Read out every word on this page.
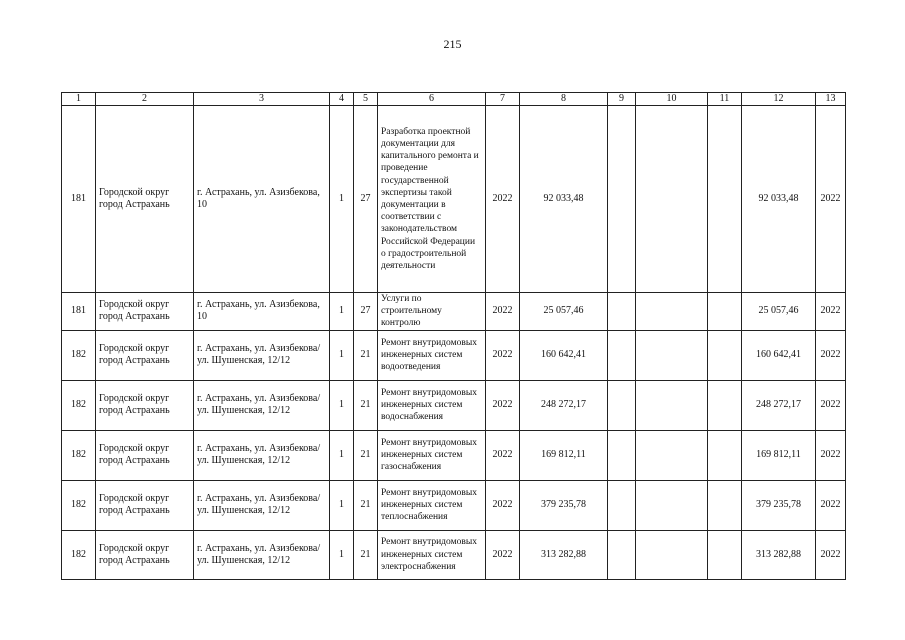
215
1	2	3	4	5	6	7	8	9	10	11	12	13
181	Городской округ город Астрахань	г. Астрахань, ул. Азизбекова, 10	1	27	Разработка проектной документации для капитального ремонта и проведение государственной экспертизы такой документации в соответствии с законодательством Российской Федерации о градостроительной деятельности	2022	92 033,48				92 033,48	2022
181	Городской округ город Астрахань	г. Астрахань, ул. Азизбекова, 10	1	27	Услуги по строительному контролю	2022	25 057,46				25 057,46	2022
182	Городской округ город Астрахань	г. Астрахань, ул. Азизбекова/ ул. Шушенская, 12/12	1	21	Ремонт внутридомовых инженерных систем водоотведения	2022	160 642,41				160 642,41	2022
182	Городской округ город Астрахань	г. Астрахань, ул. Азизбекова/ ул. Шушенская, 12/12	1	21	Ремонт внутридомовых инженерных систем водоснабжения	2022	248 272,17				248 272,17	2022
182	Городской округ город Астрахань	г. Астрахань, ул. Азизбекова/ ул. Шушенская, 12/12	1	21	Ремонт внутридомовых инженерных систем газоснабжения	2022	169 812,11				169 812,11	2022
182	Городской округ город Астрахань	г. Астрахань, ул. Азизбекова/ ул. Шушенская, 12/12	1	21	Ремонт внутридомовых инженерных систем теплоснабжения	2022	379 235,78				379 235,78	2022
182	Городской округ город Астрахань	г. Астрахань, ул. Азизбекова/ ул. Шушенская, 12/12	1	21	Ремонт внутридомовых инженерных систем электроснабжения	2022	313 282,88				313 282,88	2022
